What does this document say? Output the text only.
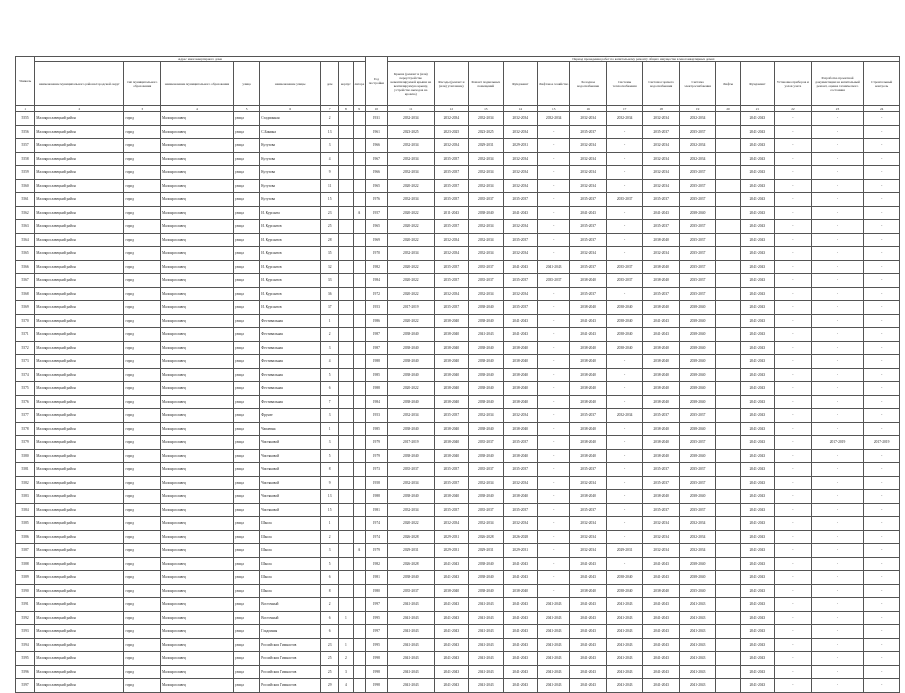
Уникаль	Адрес многоквартирного дома								Год постройки	Период проведения работ по капитальному ремонту общего имущества в многоквартирных домах													
	наименование муниципального района/городской округ	тип муниципального образования	наименование муниципального образования	улица	наименование улицы	дом	корпус	литера		Крыша (ремонт и (или) переустройство невентилируемой крыши на вентилируемую крышу, устройство выходов на кровлю)	Фасады (ремонт и (или) утепление)	Ремонт подвальных помещений	Фундамент	Лифтовое хозяйство	Холодное водоснабжение	Системы теплоснабжения	Система горячего водоснабжения	Система электроснабжения	Лифты	Фундамент	Установка приборов и узлов учета	Разработка проектной документации на капитальный ремонт, оценка технического состояния	Строительный контроль
1	2	3	4	5	6	7	8	9	10	11	12	13	14	15	16	17	18	19	20	21	22	23	24
5555	Малоярославецкий район	город	Малоярославец	улица	Стадионная	2			1931	2032-2034	2032-2034	2032-2034	2032-2034	2032-2034	2032-2034	2032-2034	2032-2034	2032-2034		2041-2043	-	-	-
5556	Малоярославецкий район	город	Малоярославец	улица	С.Бинина	13			1961	2023-2025	2023-2025	2023-2025	2032-2034	-	2035-2037	-	2035-2037	2035-2037		2041-2043	-	-	-
5557	Малоярославецкий район	город	Малоярославец	улица	Кутузова	3			1966	2032-2034	2032-2034	2029-2031	2029-2031	-	2032-2034	-	2032-2034	2032-2034		2041-2043	-	-	-
5558	Малоярославецкий район	город	Малоярославец	улица	Кутузова	4			1967	2032-2034	2035-2037	2032-2034	2032-2034	-	2032-2034	-	2032-2034	2032-2034		2041-2043	-	-	-
5559	Малоярославецкий район	город	Малоярославец	улица	Кутузова	9			1966	2032-2034	2035-2037	2032-2034	2032-2034	-	2032-2034	-	2032-2034	2035-2037		2041-2043	-	-	-
5560	Малоярославецкий район	город	Малоярославец	улица	Кутузова	11			1965	2020-2022	2035-2037	2032-2034	2032-2034	-	2032-2034	-	2032-2034	2035-2037		2041-2043	-	-	-
5561	Малоярославецкий район	город	Малоярославец	улица	Кутузова	15			1976	2032-2034	2035-2037	2035-2037	2035-2037	-	2035-2037	2035-2037	2035-2037	2035-2037		2041-2043	-	-	-
5562	Малоярославецкий район	город	Малоярославец	улица	И. Курсанта	23		А	1957	2020-2022	2011-2043	2038-2040	2041-2043	-	2041-2043	-	2041-2043	2038-2040		2041-2043	-	-	-
5563	Малоярославецкий район	город	Малоярославец	улица	И. Курсантов	25			1965	2020-2022	2035-2037	2032-2034	2032-2034	-	2035-2037	-	2035-2037	2035-2037		2041-2043	-	-	-
5564	Малоярославецкий район	город	Малоярославец	улица	И. Курсантов	28			1969	2020-2022	2032-2034	2032-2034	2035-2037	-	2035-2037	-	2038-2040	2035-2037		2041-2043	-	-	-
5565	Малоярославецкий район	город	Малоярославец	улица	И. Курсантов	35			1970	2032-2034	2032-2034	2032-2034	2032-2034	-	2032-2034	-	2032-2034	2035-2037		2041-2043	-	-	-
5566	Малоярославецкий район	город	Малоярославец	улица	И. Курсантов	32			1982	2020-2022	2035-2037	2035-2037	2041-2043	2041-2043	2035-2037	2035-2037	2038-2040	2035-2037		2041-2043	-	-	-
5567	Малоярославецкий район	город	Малоярославец	улица	И. Курсантов	33			1984	2020-2022	2035-2037	2035-2037	2035-2037	2035-2037	2038-2040	2035-2037	2038-2040	2035-2037		2041-2043	-	-	-
5568	Малоярославецкий район	город	Малоярославец	улица	И. Курсантов	36			1972	2020-2022	2032-2034	2032-2034	2032-2034	-	2035-2037	-	2035-2037	2035-2037		2041-2043	-	-	-
5569	Малоярославецкий район	город	Малоярославец	улица	И. Курсантов	37			1953	2017-2019	2035-2037	2038-2040	2035-2037	-	2038-2040	2038-2040	2038-2040	2038-2040		2041-2043	-	-	-
5570	Малоярославецкий район	город	Малоярославец	улица	Фестивальная	1			1986	2020-2022	2038-2040	2038-2040	2041-2043	-	2041-2043	2038-2040	2041-2043	2038-2040		2041-2043	-	-	-
5571	Малоярославецкий район	город	Малоярославец	улица	Фестивальная	2			1987	2038-2040	2038-2040	2041-2043	2041-2043	-	2041-2043	2038-2040	2041-2043	2038-2040		2041-2043	-	-	-
5572	Малоярославецкий район	город	Малоярославец	улица	Фестивальная	3			1987	2038-2040	2038-2040	2038-2040	2038-2040	-	2038-2040	2038-2040	2038-2040	2038-2040		2041-2043	-	-	-
5573	Малоярославецкий район	город	Малоярославец	улица	Фестивальная	4			1988	2038-2040	2038-2040	2038-2040	2038-2040	-	2038-2040	-	2038-2040	2038-2040		2041-2043	-	-	-
5574	Малоярославецкий район	город	Малоярославец	улица	Фестивальная	5			1985	2038-2040	2038-2040	2038-2040	2038-2040	-	2038-2040	-	2038-2040	2038-2040		2041-2043	-	-	-
5575	Малоярославецкий район	город	Малоярославец	улица	Фестивальная	6			1988	2020-2022	2038-2040	2038-2040	2038-2040	-	2038-2040	-	2038-2040	2038-2040		2041-2043	-	-	-
5576	Малоярославецкий район	город	Малоярославец	улица	Фестивальная	7			1984	2038-2040	2038-2040	2038-2040	2038-2040	-	2038-2040	-	2038-2040	2038-2040		2041-2043	-	-	-
5577	Малоярославецкий район	город	Малоярославец	улица	Фрунзе	3			1953	2032-2034	2035-2037	2032-2034	2032-2034	-	2035-2037	2032-2034	2035-2037	2035-2037		2041-2043	-	-	-
5578	Малоярославецкий район	город	Малоярославец	улица	Чапаевна	1			1985	2038-2040	2038-2040	2038-2040	2038-2040	-	2038-2040	-	2038-2040	2038-2040		2041-2043	-	-	-
5579	Малоярославецкий район	город	Малоярославец	улица	Чистяковой	3			1979	2017-2019	2038-2040	2035-2037	2035-2037	-	2038-2040	-	2038-2040	2035-2037		2041-2043	-	2017-2019	2017-2019
5580	Малоярославецкий район	город	Малоярославец	улица	Чистяковой	5			1979	2038-2040	2038-2040	2038-2040	2038-2040	-	2038-2040	-	2038-2040	2038-2040		2041-2043	-	-	-
5581	Малоярославецкий район	город	Малоярославец	улица	Чистяковой	8			1973	2035-2037	2035-2037	2035-2037	2035-2037	-	2035-2037	-	2035-2037	2035-2037		2041-2043	-	-	-
5582	Малоярославецкий район	город	Малоярославец	улица	Чистяковой	9			1958	2032-2034	2035-2037	2032-2034	2032-2034	-	2032-2034	-	2035-2037	2035-2037		2041-2043	-	-	-
5583	Малоярославецкий район	город	Малоярославец	улица	Чистяковой	13			1988	2038-2040	2038-2040	2038-2040	2038-2040	-	2038-2040	-	2038-2040	2038-2040		2041-2043	-	-	-
5584	Малоярославецкий район	город	Малоярославец	улица	Чистяковой	15			1981	2032-2034	2035-2037	2035-2037	2035-2037	-	2035-2037	-	2035-2037	2035-2037		2041-2043	-	-	-
5585	Малоярославецкий район	город	Малоярославец	улица	Школа	1			1974	2020-2022	2032-2034	2032-2034	2032-2034	-	2032-2034	-	2032-2034	2032-2034		2041-2043	-	-	-
5586	Малоярославецкий район	город	Малоярославец	улица	Школа	2			1974	2026-2028	2029-2031	2026-2028	2026-2028	-	2032-2034	-	2032-2034	2032-2034		2041-2043	-	-	-
5587	Малоярославецкий район	город	Малоярославец	улица	Школа	3		А	1979	2029-2031	2029-2031	2029-2031	2029-2031	-	2032-2034	2029-2031	2032-2034	2032-2034		2041-2043	-	-	-
5588	Малоярославецкий район	город	Малоярославец	улица	Школа	5			1982	2026-2028	2041-2043	2038-2040	2041-2043	-	2041-2043	-	2041-2043	2038-2040		2041-2043	-	-	-
5589	Малоярославецкий район	город	Малоярославец	улица	Школа	6			1981	2038-2040	2041-2043	2038-2040	2041-2043	-	2041-2043	2038-2040	2041-2043	2038-2040		2041-2043	-	-	-
5590	Малоярославецкий район	город	Малоярославец	улица	Школа	8			1980	2035-2037	2038-2040	2038-2040	2038-2040	-	2038-2040	2038-2040	2038-2040	2035-2040		2041-2043	-	-	-
5591	Малоярославецкий район	город	Малоярославец	улица	Восточный	2			1997	2041-2043	2041-2043	2041-2043	2041-2043	2041-2043	2041-2043	2041-2043	2041-2043	2041-2043		2041-2043	-	-	-
5592	Малоярославецкий район	город	Малоярославец	улица	Восточный	6	1		1995	2041-2043	2041-2043	2041-2043	2041-2043	2041-2043	2041-2043	2041-2043	2041-2043	2041-2043		2041-2043	-	-	-
5593	Малоярославецкий район	город	Малоярославец	улица	Гладоиная	6			1997	2041-2043	2041-2043	2041-2043	2041-2043	2041-2043	2041-2043	2041-2043	2041-2043	2041-2043		2041-2043	-	-	-
5594	Малоярославецкий район	город	Малоярославец	улица	Российских Гимнастов	23	1		1995	2041-2043	2041-2043	2041-2043	2041-2043	2041-2043	2041-2043	2041-2043	2041-2043	2041-2043		2041-2043	-	-	-
5595	Малоярославецкий район	город	Малоярославец	улица	Российских Гимнастов	25	2		1998	2041-2043	2041-2043	2041-2043	2041-2043	2041-2043	2041-2043	2041-2043	2041-2043	2041-2043		2041-2043	-	-	-
5596	Малоярославецкий район	город	Малоярославец	улица	Российских Гимнастов	25	3		1998	2041-2043	2041-2043	2041-2043	2041-2043	2041-2043	2041-2043	2041-2043	2041-2043	2041-2043		2041-2043	-	-	-
5597	Малоярославецкий район	город	Малоярославец	улица	Российских Гимнастов	29	4		1998	2041-2043	2041-2043	2041-2043	2041-2043	2041-2043	2041-2043	2041-2043	2041-2043	2041-2043		2041-2043	-	-	-
